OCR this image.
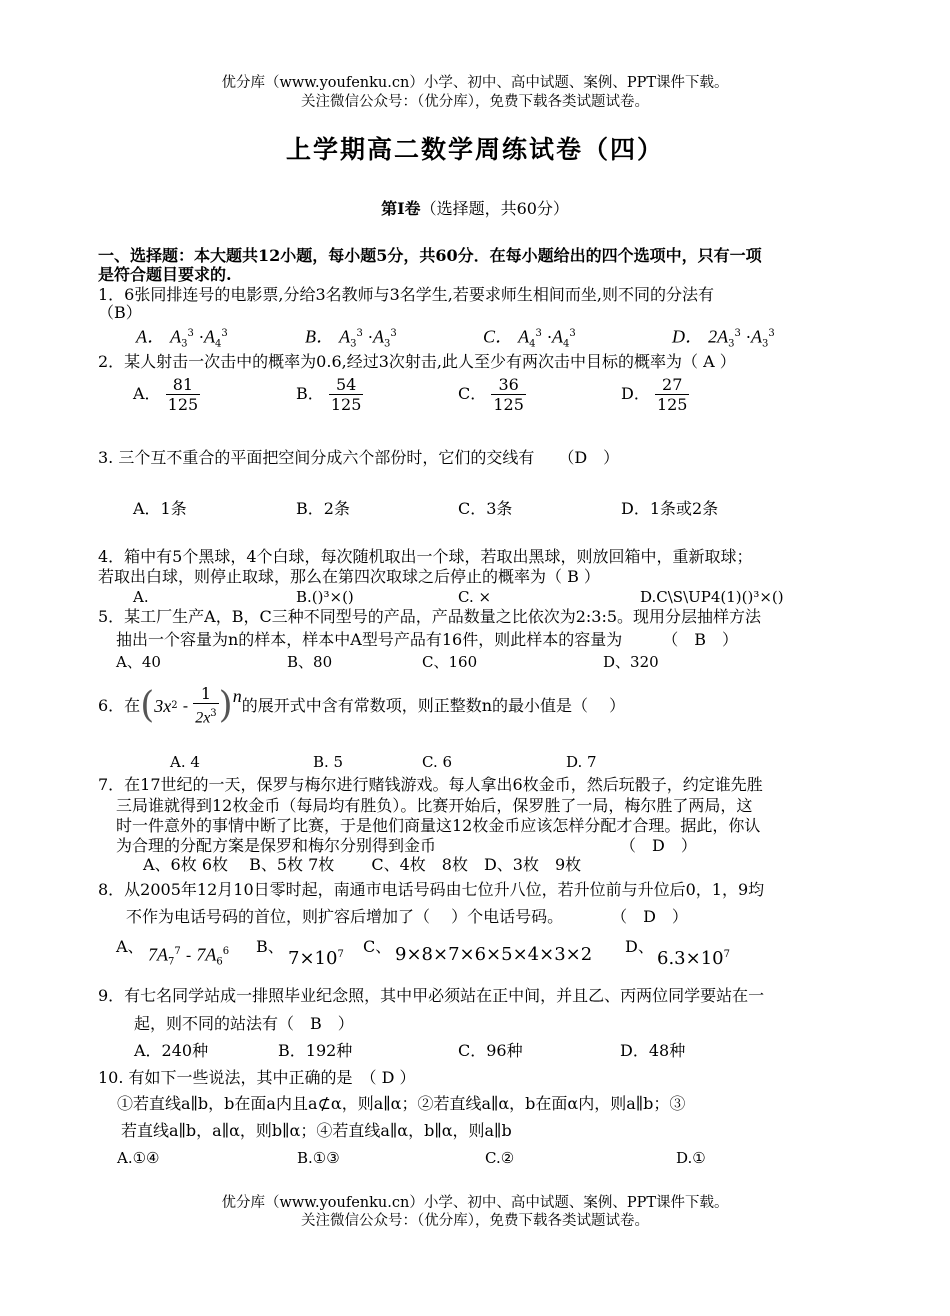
优分库（www.youfenku.cn）小学、初中、高中试题、案例、PPT课件下载。
关注微信公众号：（优分库），免费下载各类试题试卷。
上学期高二数学周练试卷（四）
第Ⅰ卷（选择题，共60分）
一、选择题：本大题共12小题，每小题5分，共60分．在每小题给出的四个选项中，只有一项
是符合题目要求的.
1．6张同排连号的电影票,分给3名教师与3名学生,若要求师生相间而坐,则不同的分法有
（B）
A． $A_3^3 \cdot A_4^3$	B． $A_3^3 \cdot A_3^3$	C． $A_4^3 \cdot A_4^3$	D． $2A_3^3 \cdot A_3^3$
2．某人射击一次击中的概率为0.6,经过3次射击,此人至少有两次击中目标的概率为（ A ）
A． $\frac{81}{125}$	B． $\frac{54}{125}$	C． $\frac{36}{125}$	D． $\frac{27}{125}$
3. 三个互不重合的平面把空间分成六个部份时，它们的交线有　　（D　）
A．1条	B．2条	C．3条	D．1条或2条
4．箱中有5个黑球，4个白球，每次随机取出一个球，若取出黑球，则放回箱中，重新取球；
若取出白球，则停止取球，那么在第四次取球之后停止的概率为（ B ）
A.	B.()³×()	C. ×	D.C\S\UP4(1)()³×()
5．某工厂生产A，B，C三种不同型号的产品，产品数量之比依次为2:3:5。现用分层抽样方法
抽出一个容量为n的样本，样本中A型号产品有16件，则此样本的容量为　　　（　B　）
A、40	B、80	C、160	D、320
6．在 ( 3x $2 - \frac{1}{2x^3}$ ) n 的展开式中含有常数项，则正整数n的最小值是（　 ）
A. 4	B. 5	C. 6	D. 7
7．在17世纪的一天，保罗与梅尔进行赌钱游戏。每人拿出6枚金币，然后玩骰子，约定谁先胜
三局谁就得到12枚金币（每局均有胜负）。比赛开始后，保罗胜了一局，梅尔胜了两局，这
时一件意外的事情中断了比赛，于是他们商量这12枚金币应该怎样分配才合理。据此，你认
为合理的分配方案是保罗和梅尔分别得到金币　　　　　　　　　　　　（　D　）
A、6枚 6枚　 B、5枚 7枚　　 C、4枚　8枚　D、3枚　9枚
8．从2005年12月10日零时起，南通市电话号码由七位升八位，若升位前与升位后0，1，9均
不作为电话号码的首位，则扩容后增加了（　 ）个电话号码。　　　　（　D　）
A、 $7A_7^7 - 7A_6^6$ B、
$7\times 10^7$ C、 9×8×7×6×5×4×3×2 D、
$6.3\times 10^7$
9．有七名同学站成一排照毕业纪念照，其中甲必须站在正中间，并且乙、丙两位同学要站在一
起，则不同的站法有（　B　）
A．240种	B．192种	C．96种	D．48种
10. 有如下一些说法，其中正确的是　（ D ）
①若直线a∥b，b在面a内且a⊄α，则a∥α；②若直线a∥α，b在面α内，则a∥b；③
若直线a∥b，a∥α，则b∥α；④若直线a∥α，b∥α，则a∥b
A.①④	B.①③	C.②	D.①
优分库（www.youfenku.cn）小学、初中、高中试题、案例、PPT课件下载。
关注微信公众号：（优分库），免费下载各类试题试卷。
